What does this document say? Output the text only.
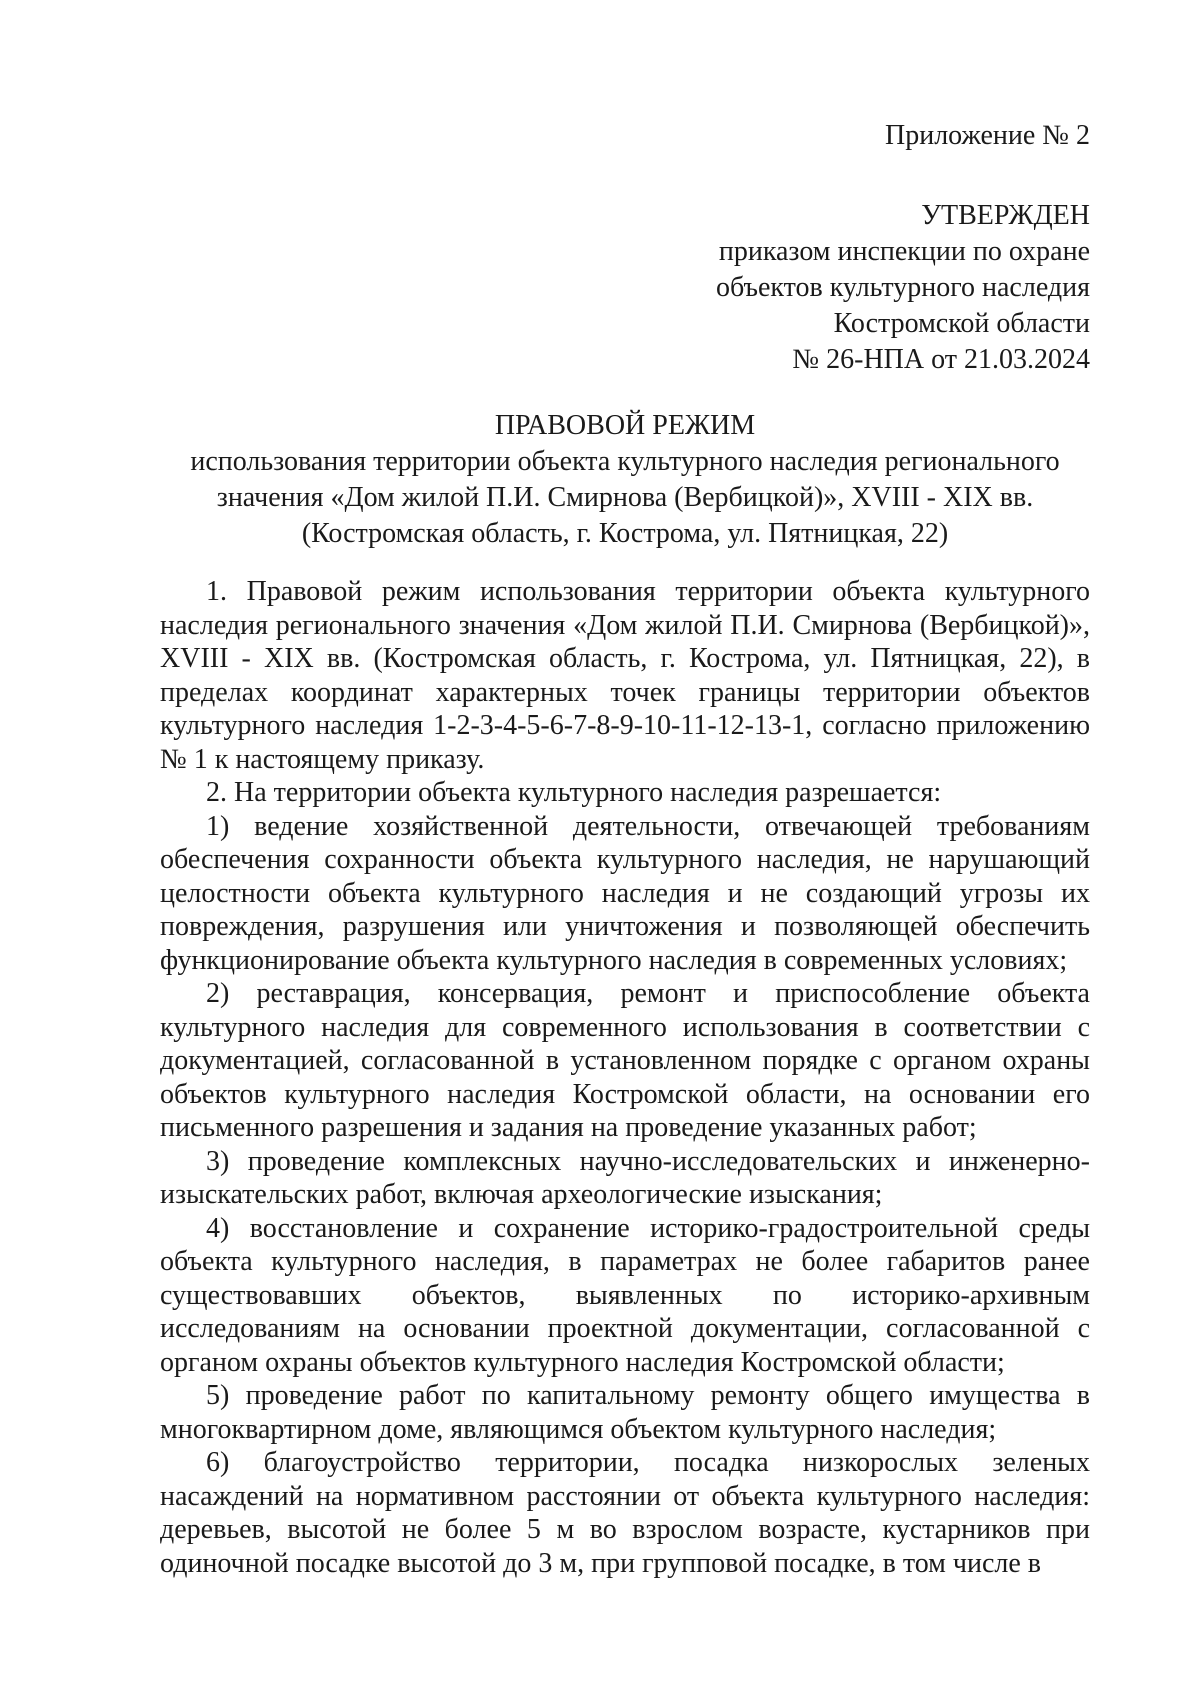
Приложение № 2
УТВЕРЖДЕН
приказом инспекции по охране
объектов культурного наследия
Костромской области
№ 26-НПА от 21.03.2024
ПРАВОВОЙ РЕЖИМ
использования территории объекта культурного наследия регионального
значения «Дом жилой П.И. Смирнова (Вербицкой)», XVIII - XIX вв.
(Костромская область, г. Кострома, ул. Пятницкая, 22)

1. Правовой режим использования территории объекта культурного наследия регионального значения «Дом жилой П.И. Смирнова (Вербицкой)», XVIII - XIX вв. (Костромская область, г. Кострома, ул. Пятницкая, 22), в пределах координат характерных точек границы территории объектов культурного наследия 1-2-3-4-5-6-7-8-9-10-11-12-13-1, согласно приложению № 1 к настоящему приказу.

2. На территории объекта культурного наследия разрешается:

1) ведение хозяйственной деятельности, отвечающей требованиям обеспечения сохранности объекта культурного наследия, не нарушающий целостности объекта культурного наследия и не создающий угрозы их повреждения, разрушения или уничтожения и позволяющей обеспечить функционирование объекта культурного наследия в современных условиях;

2) реставрация, консервация, ремонт и приспособление объекта культурного наследия для современного использования в соответствии с документацией, согласованной в установленном порядке с органом охраны объектов культурного наследия Костромской области, на основании его письменного разрешения и задания на проведение указанных работ;

3) проведение комплексных научно-исследовательских и инженерно-изыскательских работ, включая археологические изыскания;

4) восстановление и сохранение историко-градостроительной среды объекта культурного наследия, в параметрах не более габаритов ранее существовавших объектов, выявленных по историко-архивным исследованиям на основании проектной документации, согласованной с органом охраны объектов культурного наследия Костромской области;

5) проведение работ по капитальному ремонту общего имущества в многоквартирном доме, являющимся объектом культурного наследия;

6) благоустройство территории, посадка низкорослых зеленых насаждений на нормативном расстоянии от объекта культурного наследия: деревьев, высотой не более 5 м во взрослом возрасте, кустарников при одиночной посадке высотой до 3 м, при групповой посадке, в том числе в
